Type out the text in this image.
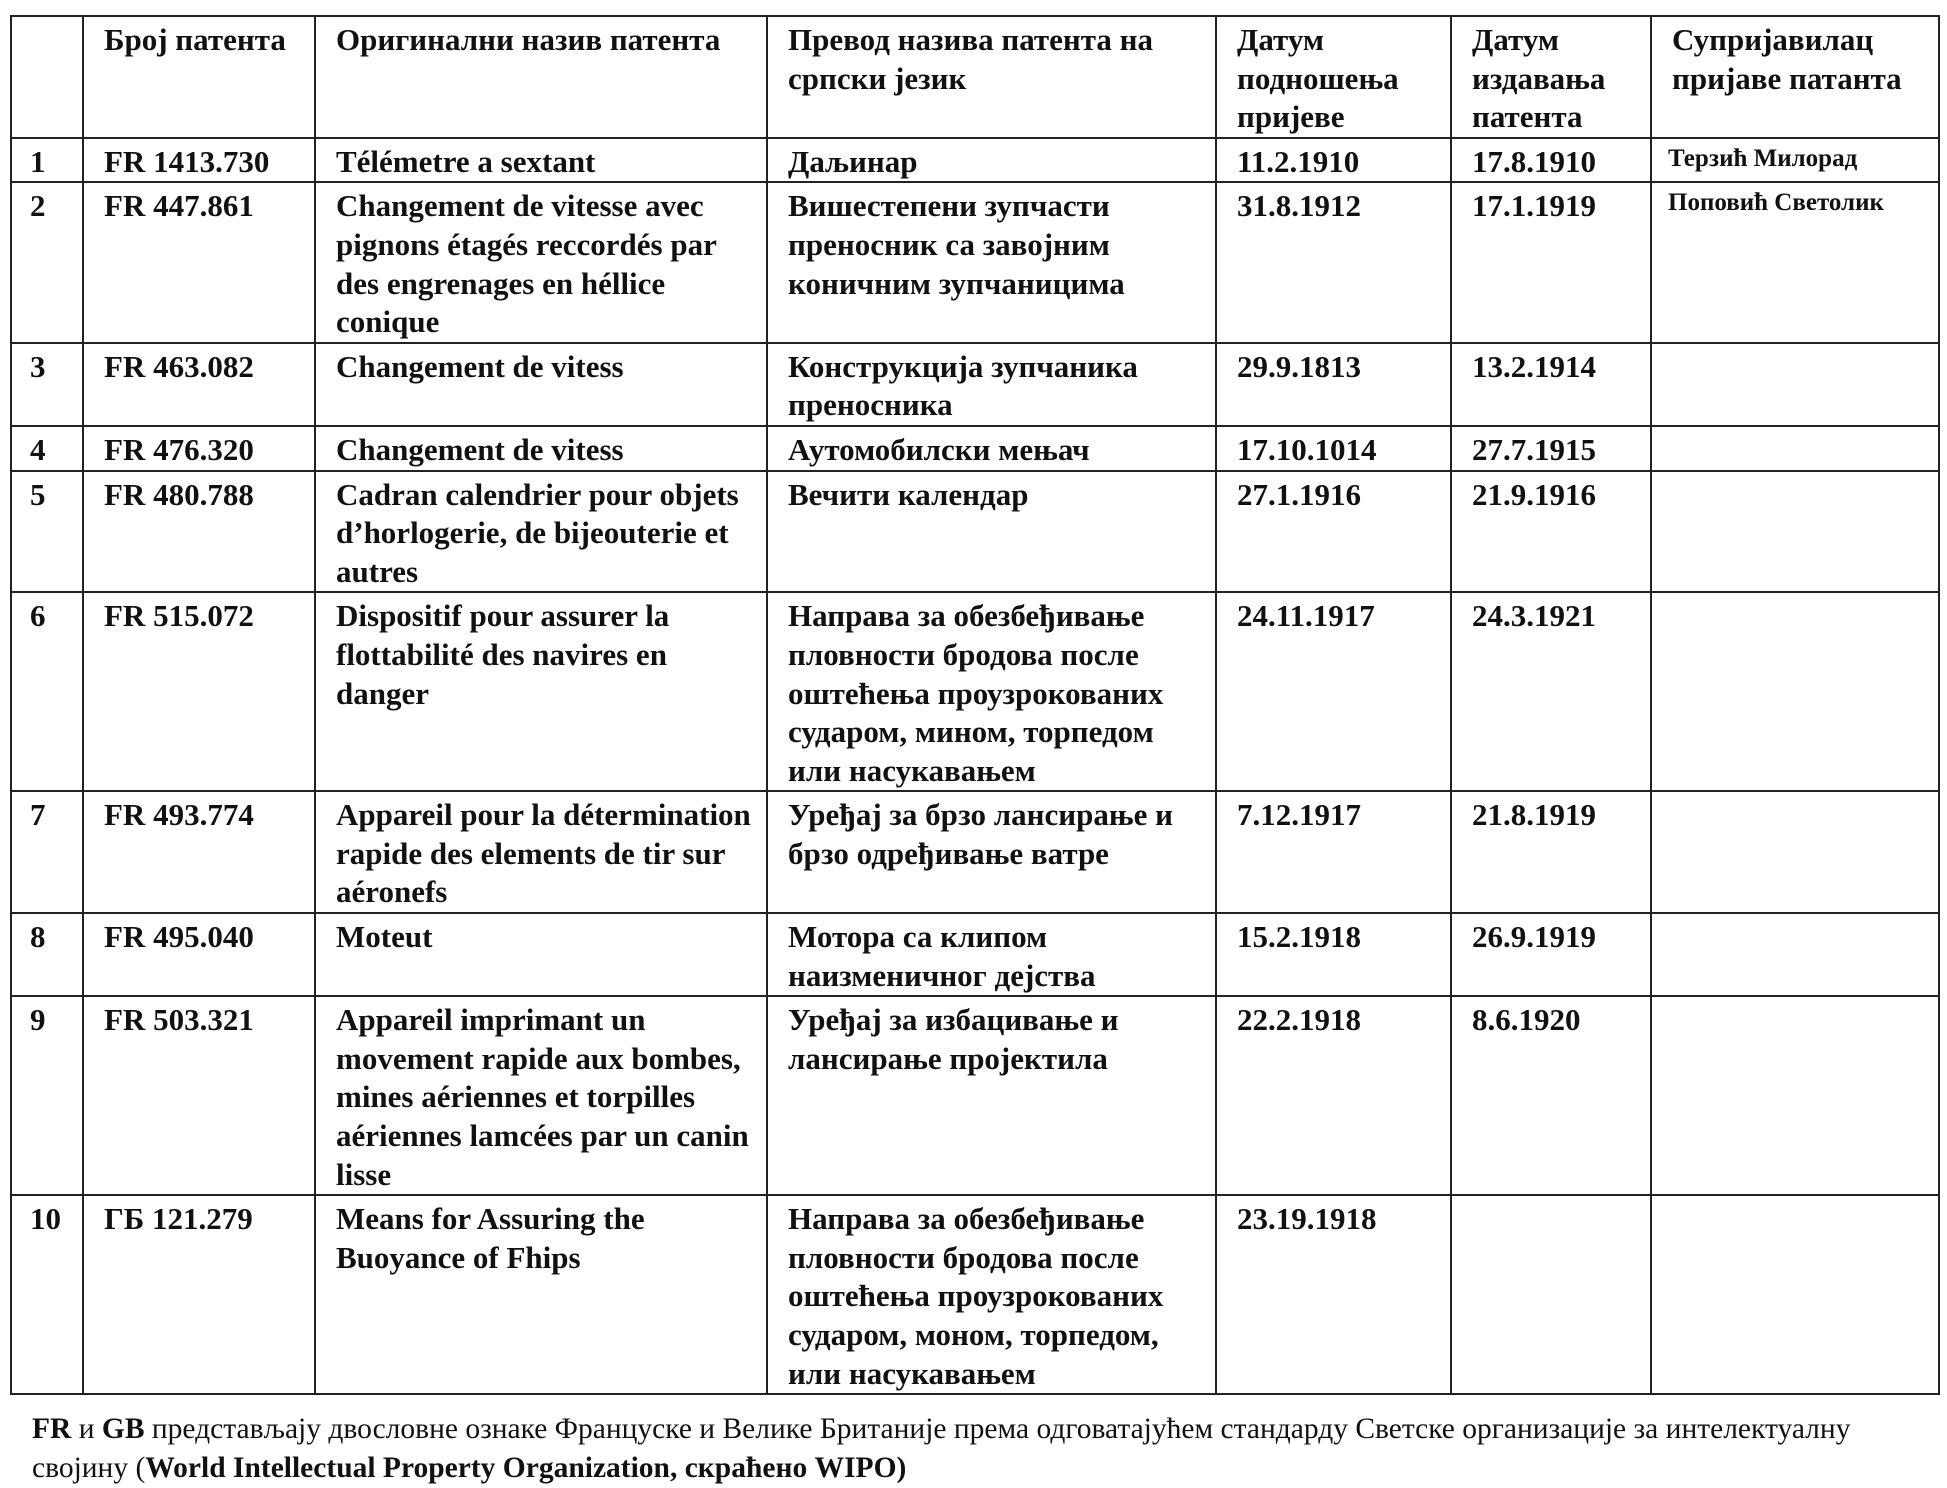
	Број патента	Оригинални назив патента	Превод назива патента на српски језик	Датум подношења пријеве	Датум издавања патента	Супријавилац пријаве патанта
1	FR 1413.730	Télémetre a sextant	Даљинар	11.2.1910	17.8.1910	Терзић Милорад
2	FR 447.861	Changement de vitesse avec pignons étagés reccordés par des engrenages en héllice conique	Вишестепени зупчасти преносник са завојним коничним зупчаницима	31.8.1912	17.1.1919	Поповић Светолик
3	FR 463.082	Changement de vitess	Конструкција зупчаника преносника	29.9.1813	13.2.1914	
4	FR 476.320	Changement de vitess	Аутомобилски мењач	17.10.1014	27.7.1915	
5	FR 480.788	Cadran calendrier pour objets d’horlogerie, de bijeouterie et autres	Вечити календар	27.1.1916	21.9.1916	
6	FR 515.072	Dispositif pour assurer la flottabilité des navires en danger	Направа за обезбеђивање пловности бродова после оштећења проузрокованих сударом, мином, торпедом или насукавањем	24.11.1917	24.3.1921	
7	FR 493.774	Appareil pour la détermination rapide des elements de tir sur aéronefs	Уређај за брзо лансирање и брзо одређивање ватре	7.12.1917	21.8.1919	
8	FR 495.040	Moteut	Мотора са клипом наизменичног дејства	15.2.1918	26.9.1919	
9	FR 503.321	Appareil imprimant un movement rapide aux bombes, mines aériennes et torpilles aériennes lamcées par un canin lisse	Уређај за избацивање и лансирање пројектила	22.2.1918	8.6.1920	
10	ГБ 121.279	Means for Assuring the Buoyance of Fhips	Направа за обезбеђивање пловности бродова после оштећења проузрокованих сударом, моном, торпедом, или насукавањем	23.19.1918		

FR и GB представљају двословне ознаке Француске и Велике Британије према одговатајућем стандарду Светске организације за интелектуалну својину (World Intellectual Property Organization, скраћено WIPO)
